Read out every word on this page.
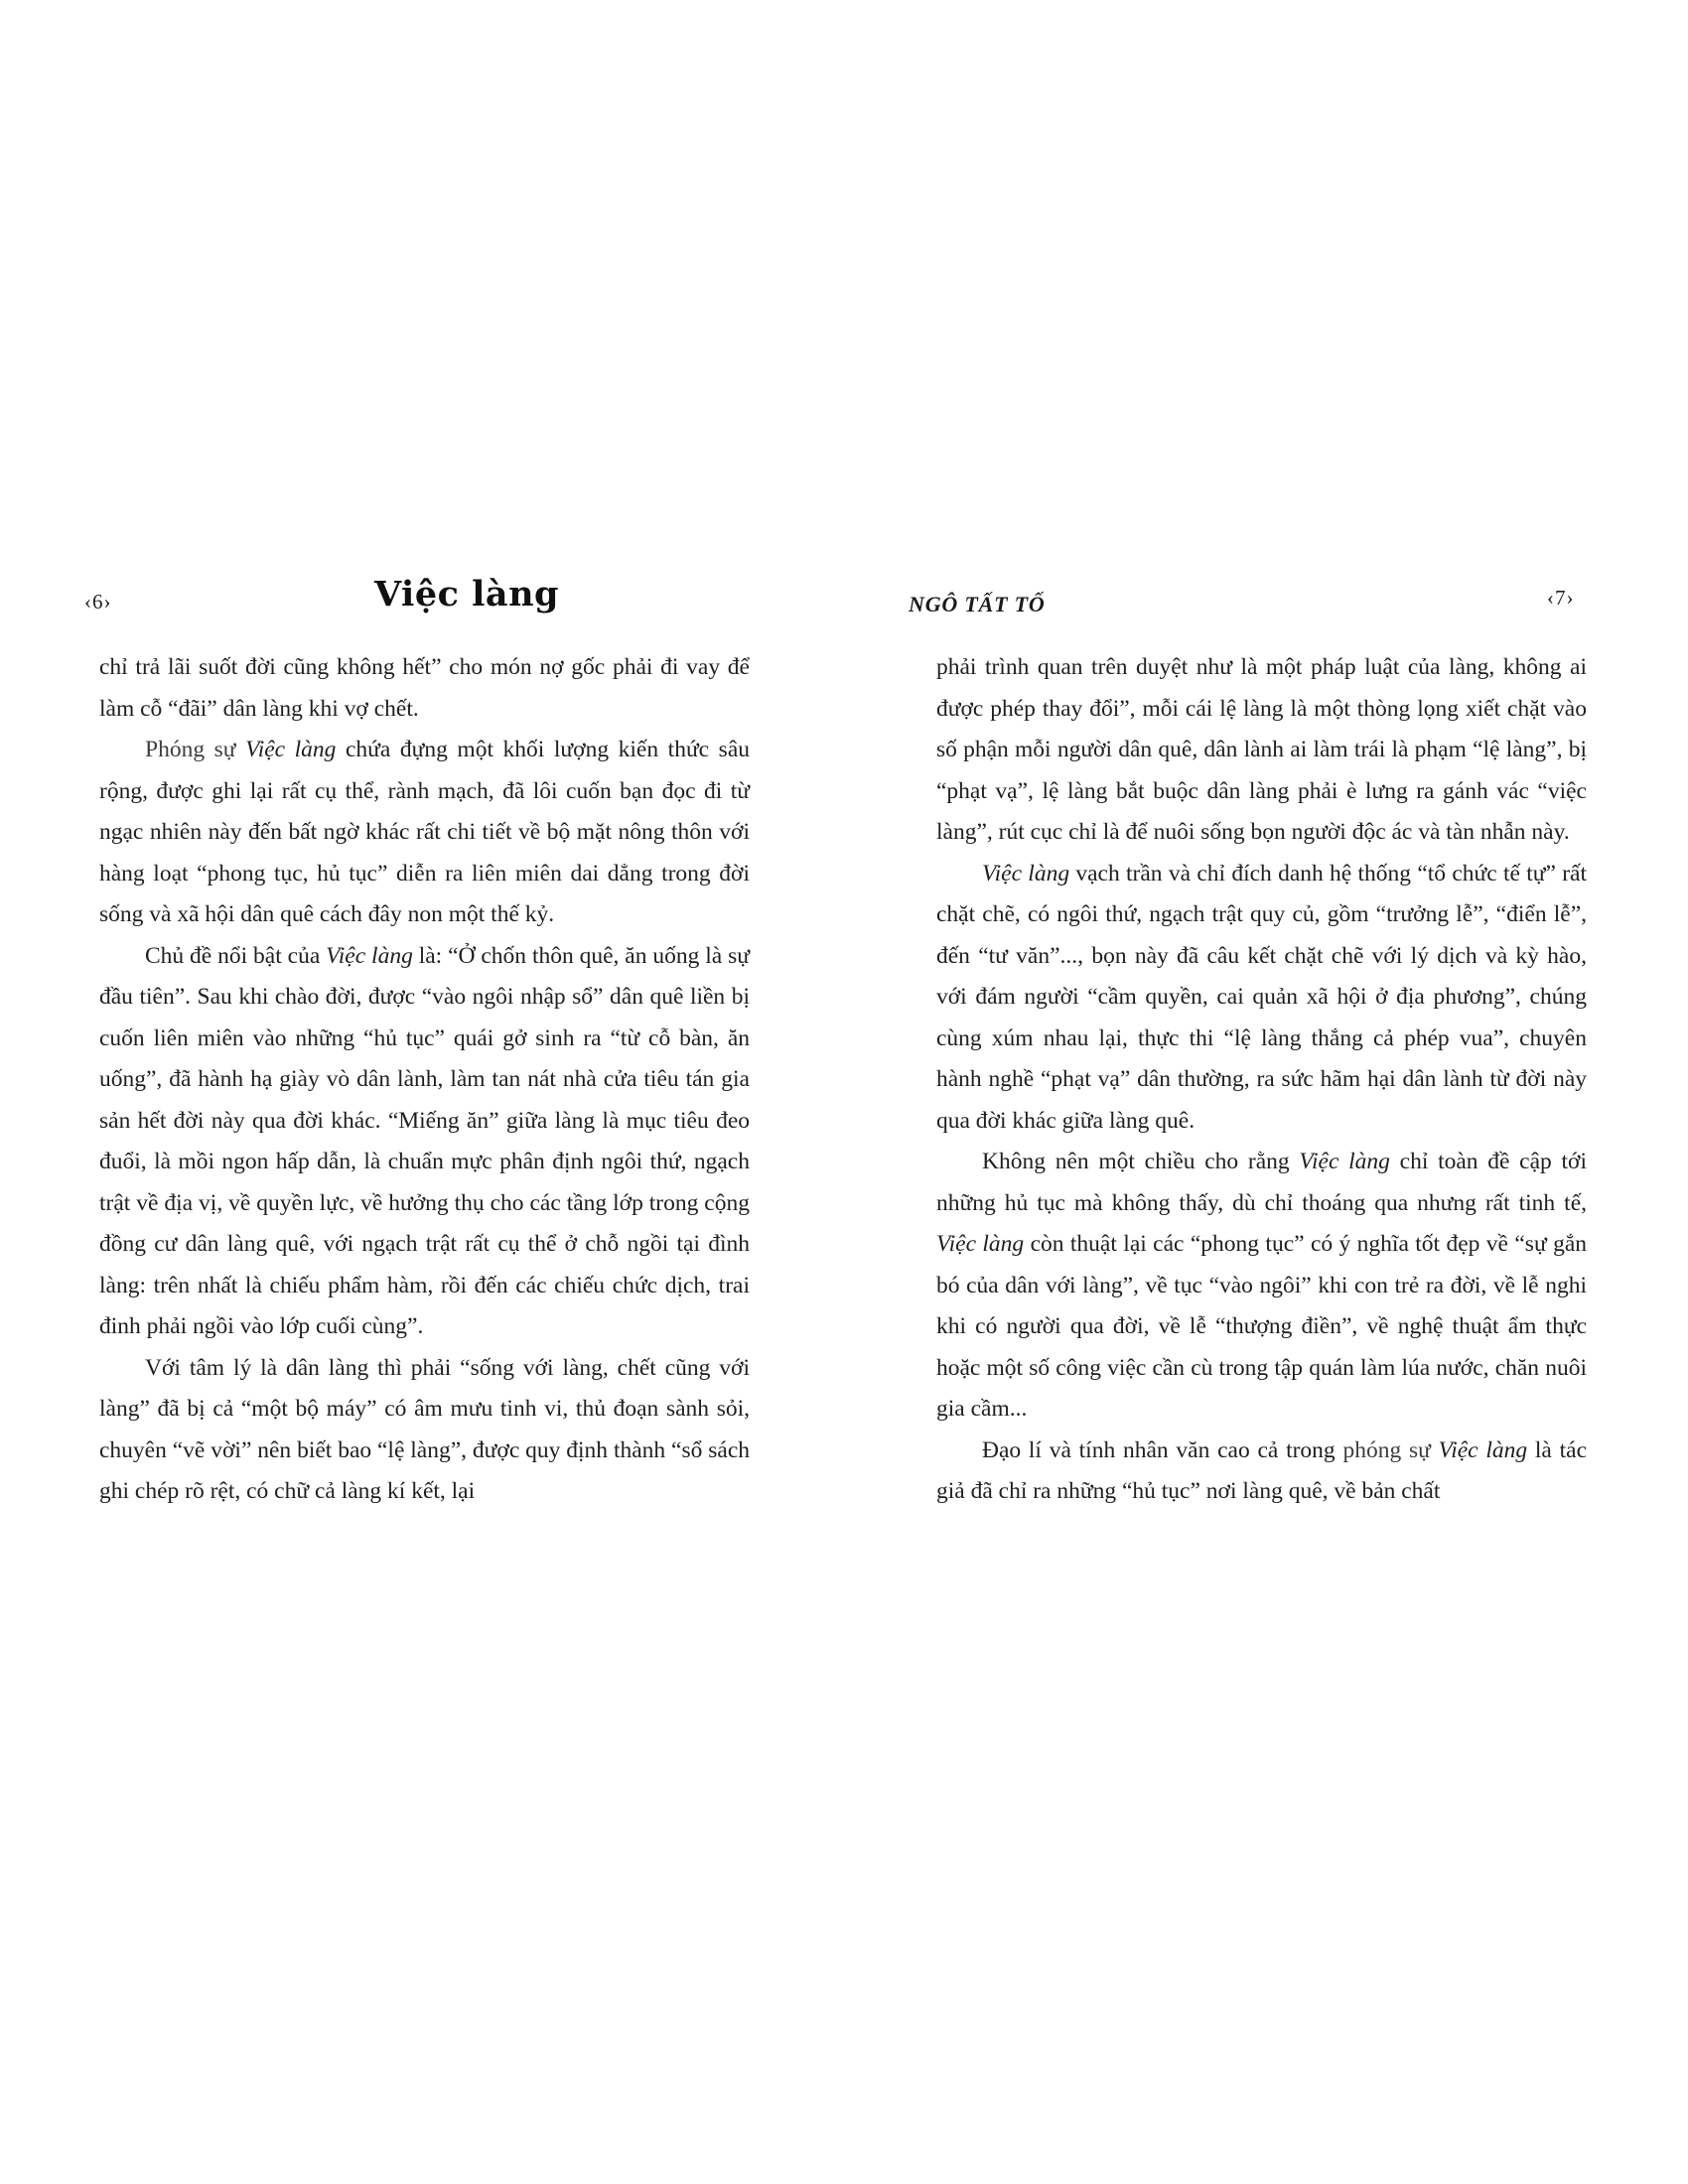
‹6›	Việc làng	NGÔ TẤT TỐ	‹7›

chỉ trả lãi suốt đời cũng không hết” cho món nợ gốc phải đi vay để làm cỗ “đãi” dân làng khi vợ chết.

Phóng sự Việc làng chứa đựng một khối lượng kiến thức sâu rộng, được ghi lại rất cụ thể, rành mạch, đã lôi cuốn bạn đọc đi từ ngạc nhiên này đến bất ngờ khác rất chi tiết về bộ mặt nông thôn với hàng loạt “phong tục, hủ tục” diễn ra liên miên dai dẳng trong đời sống và xã hội dân quê cách đây non một thế kỷ.

Chủ đề nổi bật của Việc làng là: “Ở chốn thôn quê, ăn uống là sự đầu tiên”. Sau khi chào đời, được “vào ngôi nhập sổ” dân quê liền bị cuốn liên miên vào những “hủ tục” quái gở sinh ra “từ cỗ bàn, ăn uống”, đã hành hạ giày vò dân lành, làm tan nát nhà cửa tiêu tán gia sản hết đời này qua đời khác. “Miếng ăn” giữa làng là mục tiêu đeo đuổi, là mồi ngon hấp dẫn, là chuẩn mực phân định ngôi thứ, ngạch trật về địa vị, về quyền lực, về hưởng thụ cho các tầng lớp trong cộng đồng cư dân làng quê, với ngạch trật rất cụ thể ở chỗ ngồi tại đình làng: trên nhất là chiếu phẩm hàm, rồi đến các chiếu chức dịch, trai đinh phải ngồi vào lớp cuối cùng”.

Với tâm lý là dân làng thì phải “sống với làng, chết cũng với làng” đã bị cả “một bộ máy” có âm mưu tinh vi, thủ đoạn sành sỏi, chuyên “vẽ vời” nên biết bao “lệ làng”, được quy định thành “sổ sách ghi chép rõ rệt, có chữ cả làng kí kết, lại

phải trình quan trên duyệt như là một pháp luật của làng, không ai được phép thay đổi”, mỗi cái lệ làng là một thòng lọng xiết chặt vào số phận mỗi người dân quê, dân lành ai làm trái là phạm “lệ làng”, bị “phạt vạ”, lệ làng bắt buộc dân làng phải è lưng ra gánh vác “việc làng”, rút cục chỉ là để nuôi sống bọn người độc ác và tàn nhẫn này.

Việc làng vạch trần và chỉ đích danh hệ thống “tổ chức tế tự” rất chặt chẽ, có ngôi thứ, ngạch trật quy củ, gồm “trưởng lễ”, “điển lễ”, đến “tư văn”..., bọn này đã câu kết chặt chẽ với lý dịch và kỳ hào, với đám người “cầm quyền, cai quản xã hội ở địa phương”, chúng cùng xúm nhau lại, thực thi “lệ làng thắng cả phép vua”, chuyên hành nghề “phạt vạ” dân thường, ra sức hãm hại dân lành từ đời này qua đời khác giữa làng quê.

Không nên một chiều cho rằng Việc làng chỉ toàn đề cập tới những hủ tục mà không thấy, dù chỉ thoáng qua nhưng rất tinh tế, Việc làng còn thuật lại các “phong tục” có ý nghĩa tốt đẹp về “sự gắn bó của dân với làng”, về tục “vào ngôi” khi con trẻ ra đời, về lễ nghi khi có người qua đời, về lễ “thượng điền”, về nghệ thuật ẩm thực hoặc một số công việc cần cù trong tập quán làm lúa nước, chăn nuôi gia cầm...

Đạo lí và tính nhân văn cao cả trong phóng sự Việc làng là tác giả đã chỉ ra những “hủ tục” nơi làng quê, về bản chất
